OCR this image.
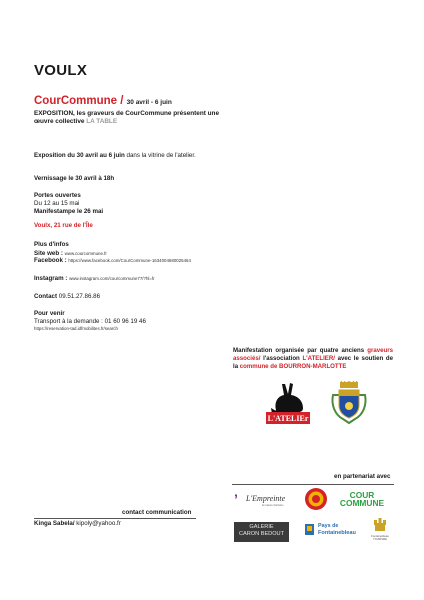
VOULX
CourCommune / 30 avril - 6 juin
EXPOSITION, les graveurs de CourCommune présentent une œuvre collective LA TABLE
Exposition du 30 avril au 6 juin dans la vitrine de l'atelier.
Vernissage le 30 avril à 18h
Portes ouvertes
Du 12 au 15 mai
Manifestampe le 26 mai
Voulx, 21 rue de l'Île
Plus d'infos
Site web : www.courcommune.fr
Facebook : https://www.facebook.com/CourCommune-1634004680025464
Instagram : www.instagram.com/courcommune77/?hl=fr
Contact 09.51.27.86.86
Pour venir
Transport à la demande : 01 60 96 19 46
https://reservation-tad.idfmobilites.fr/search
Manifestation organisée par quatre anciens graveurs associés/ l'association L'ATELIER/ avec le soutien de la commune de BOURRON-MARLOTTE
L'ATELIEr
en partenariat avec
contact communication
Kinga Sabela/ kipoly@yahoo.fr
’ L'Empreinte
la maison d'artistes
COUR
COMMUNE
GALERIE
CARON BEDOUT
Pays de
Fontainebleau	Fontainebleau
TOURISME
